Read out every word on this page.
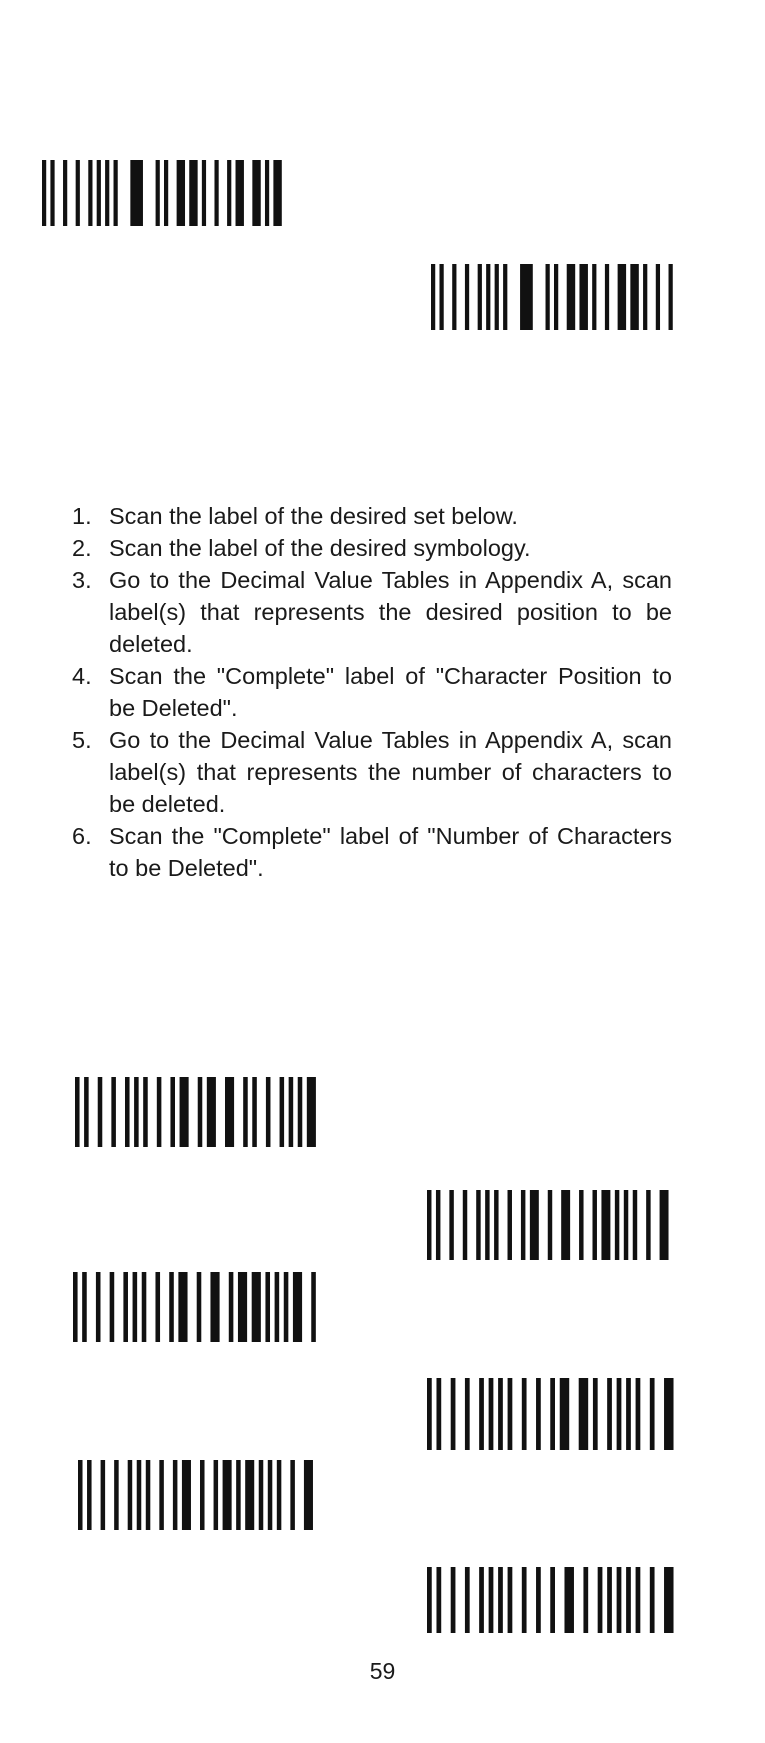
1. Scan the label of the desired set below.
2. Scan the label of the desired symbology.
3. Go to the Decimal Value Tables in Appendix A, scan label(s) that represents the desired position to be deleted.
4. Scan the "Complete" label of "Character Position to be Deleted".
5. Go to the Decimal Value Tables in Appendix A, scan label(s) that represents the number of characters to be deleted.
6. Scan the "Complete" label of "Number of Characters to be Deleted".
59
